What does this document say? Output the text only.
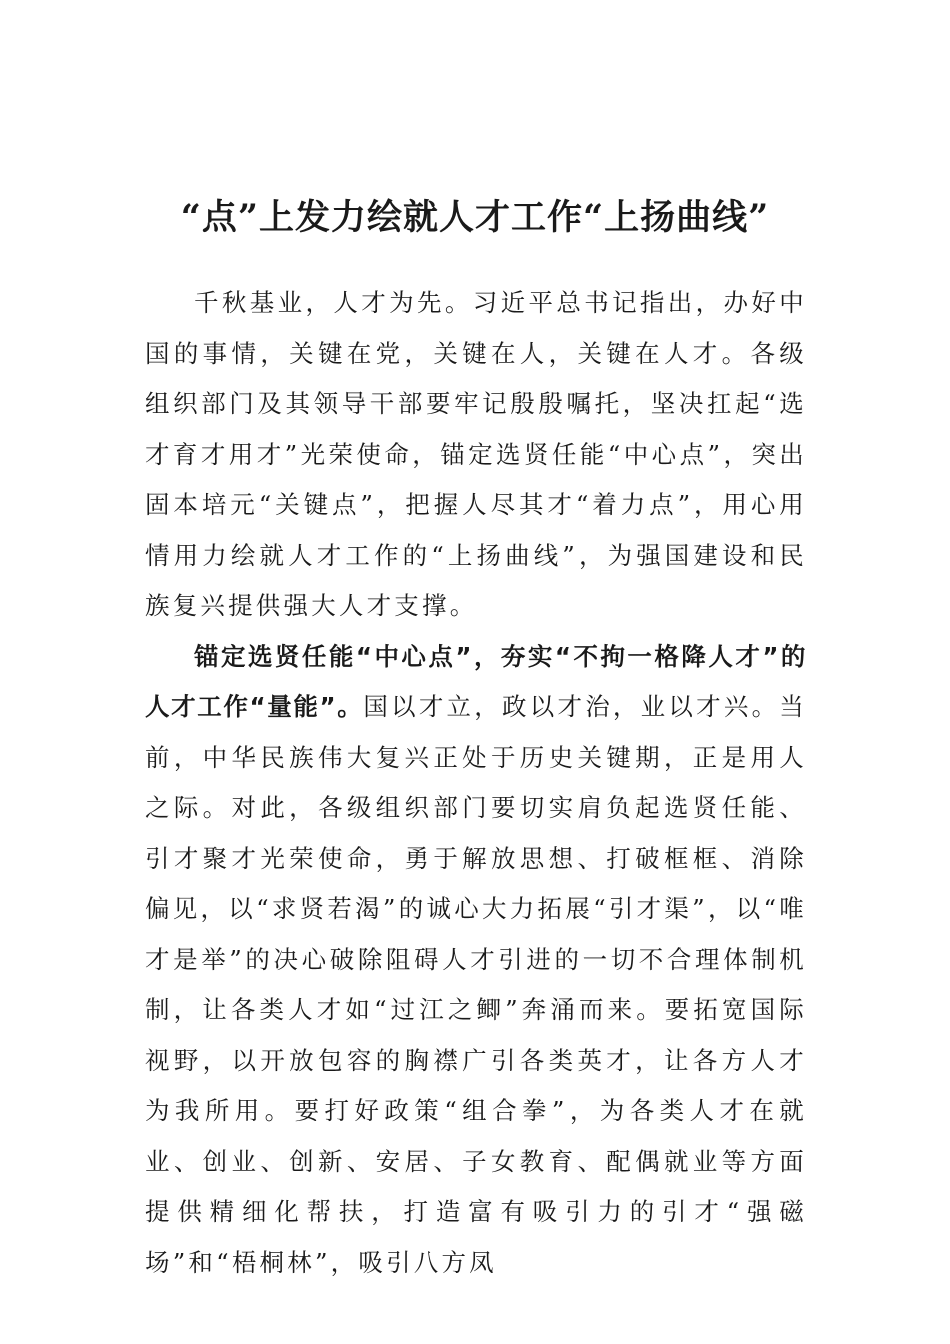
“点”上发力绘就人才工作“上扬曲线”

千秋基业，人才为先。习近平总书记指出，办好中国的事情，关键在党，关键在人，关键在人才。各级组织部门及其领导干部要牢记殷殷嘱托，坚决扛起“选才育才用才”光荣使命，锚定选贤任能“中心点”，突出固本培元“关键点”，把握人尽其才“着力点”，用心用情用力绘就人才工作的“上扬曲线”，为强国建设和民族复兴提供强大人才支撑。

锚定选贤任能“中心点”，夯实“不拘一格降人才”的人才工作“量能”。国以才立，政以才治，业以才兴。当前，中华民族伟大复兴正处于历史关键期，正是用人之际。对此，各级组织部门要切实肩负起选贤任能、引才聚才光荣使命，勇于解放思想、打破框框、消除偏见，以“求贤若渴”的诚心大力拓展“引才渠”，以“唯才是举”的决心破除阻碍人才引进的一切不合理体制机制，让各类人才如“过江之鲫”奔涌而来。要拓宽国际视野，以开放包容的胸襟广引各类英才，让各方人才为我所用。要打好政策“组合拳”，为各类人才在就业、创业、创新、安居、子女教育、配偶就业等方面提供精细化帮扶，打造富有吸引力的引才“强磁场”和“梧桐林”，吸引八方凤
